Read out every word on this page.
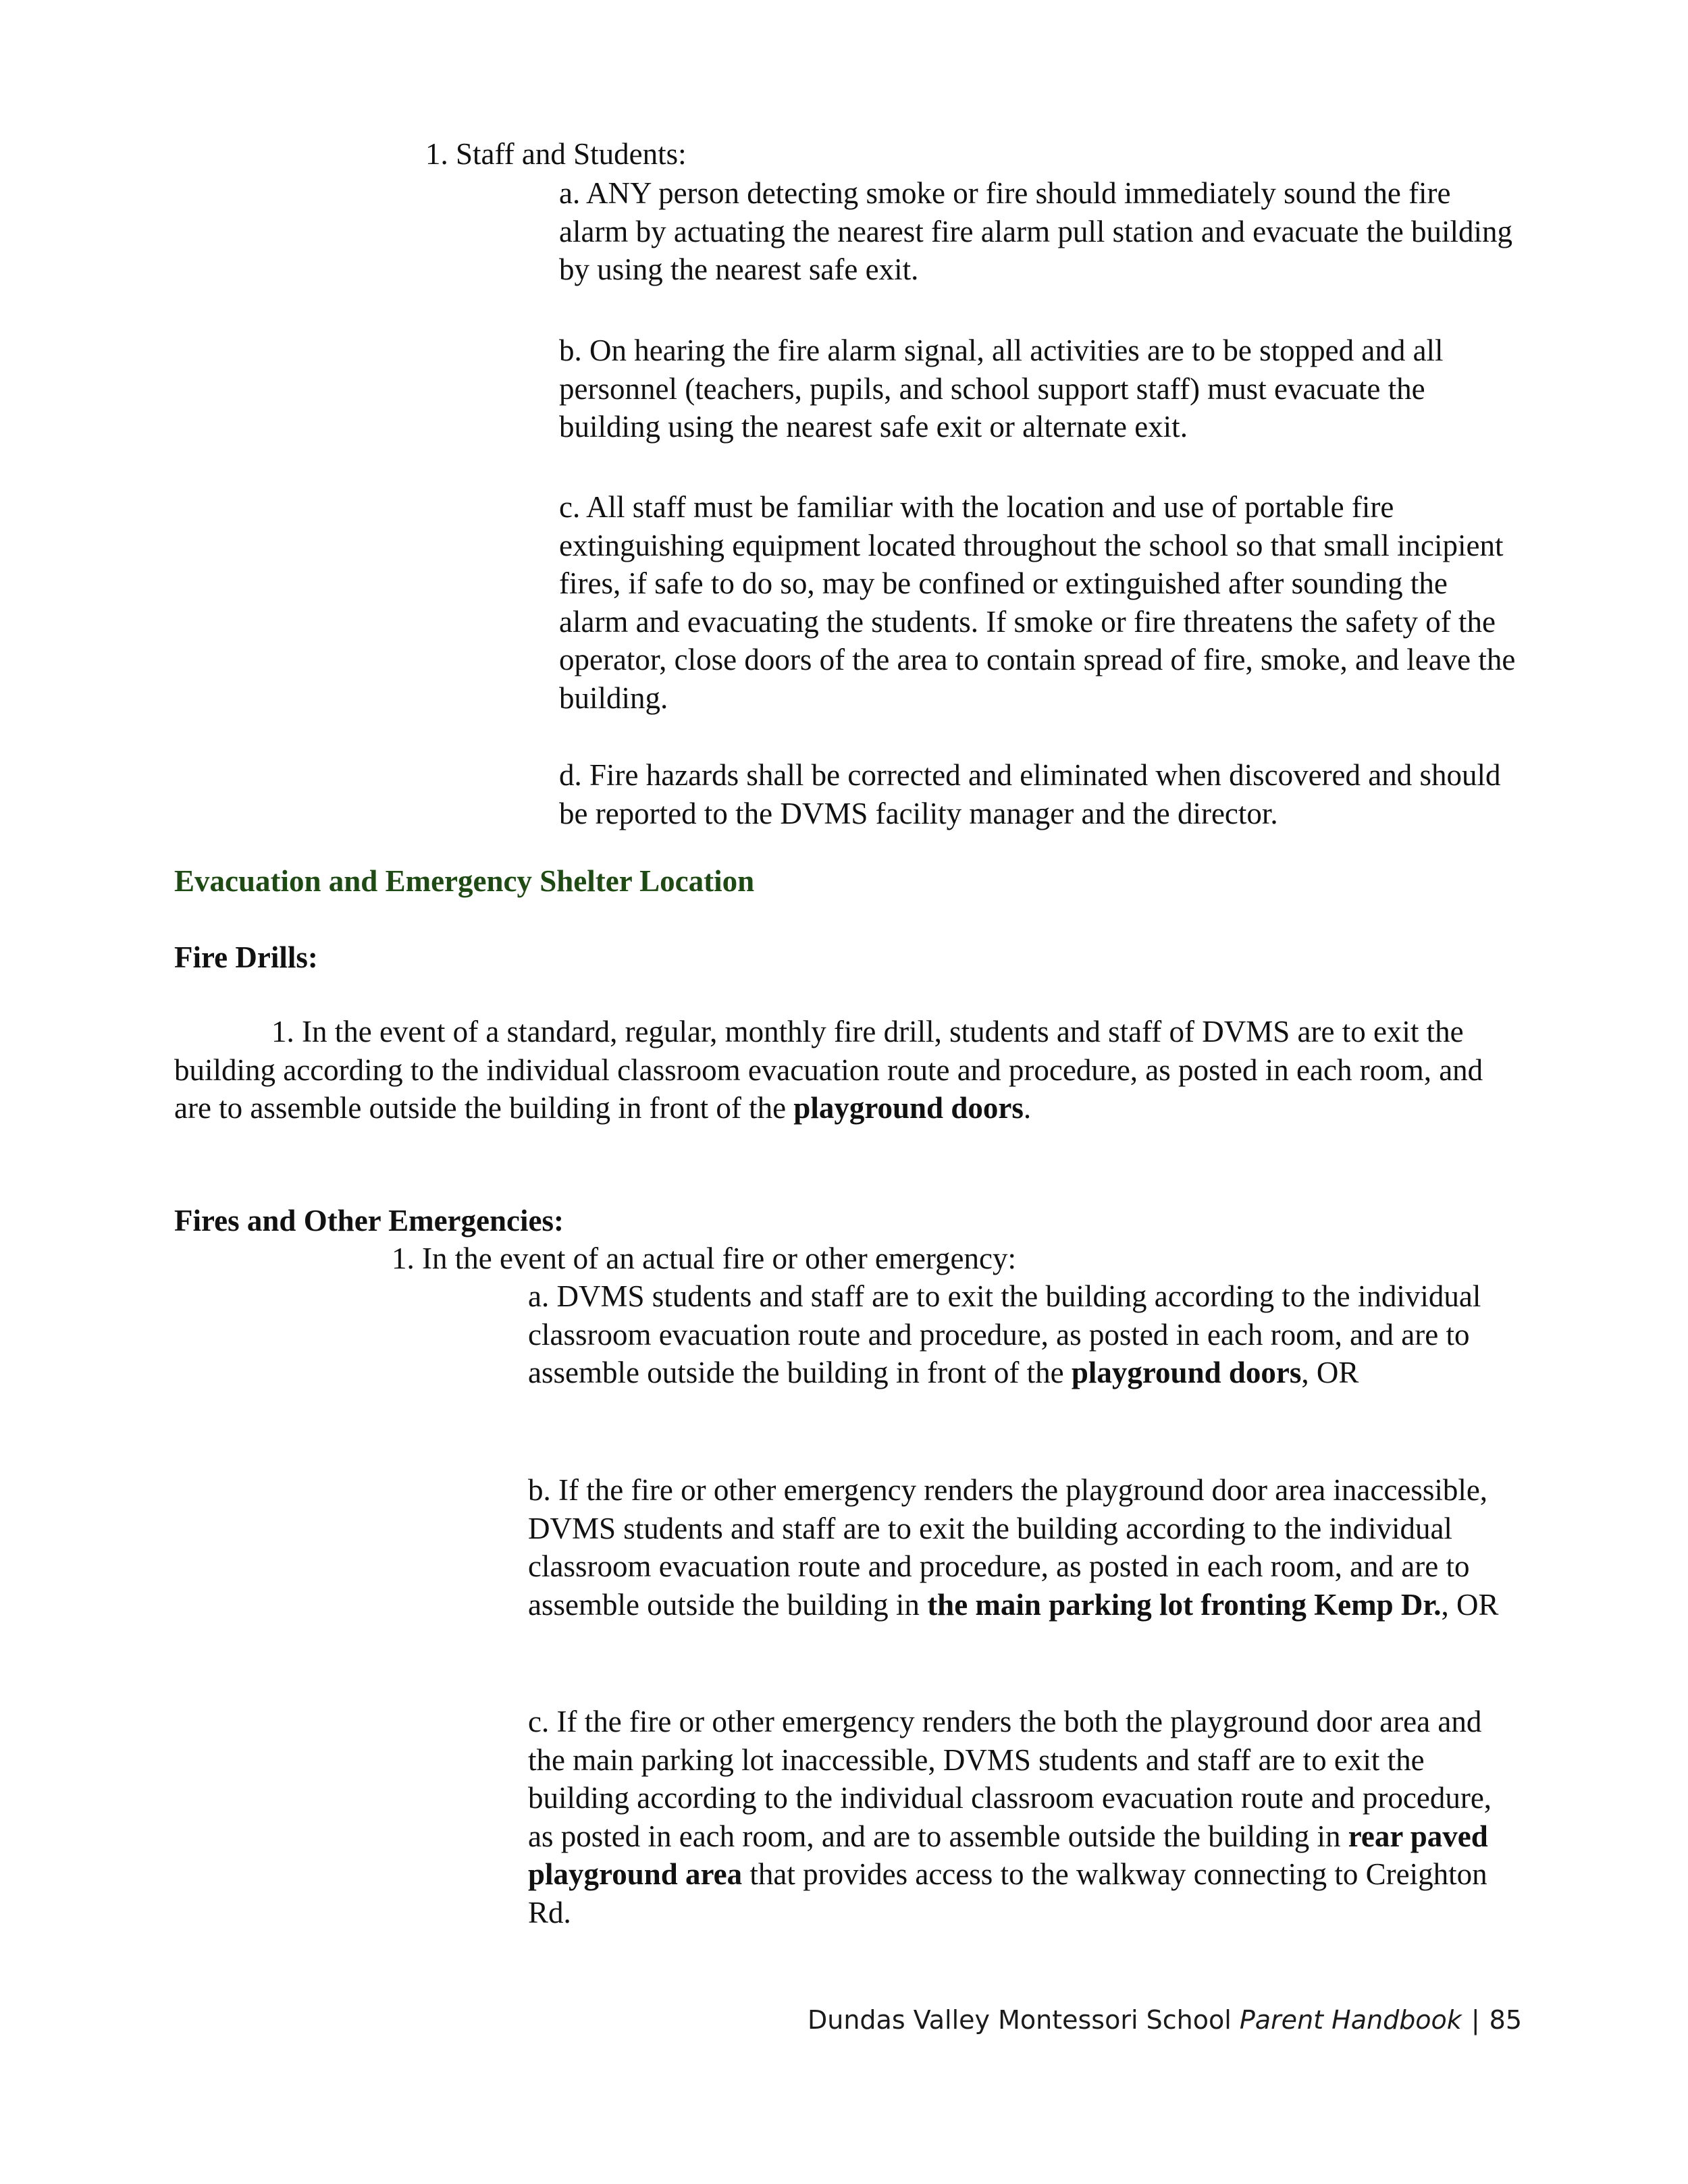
1. Staff and Students:

a. ANY person detecting smoke or fire should immediately sound the fire alarm by actuating the nearest fire alarm pull station and evacuate the building by using the nearest safe exit.

b. On hearing the fire alarm signal, all activities are to be stopped and all personnel (teachers, pupils, and school support staff) must evacuate the building using the nearest safe exit or alternate exit.

c. All staff must be familiar with the location and use of portable fire extinguishing equipment located throughout the school so that small incipient fires, if safe to do so, may be confined or extinguished after sounding the alarm and evacuating the students. If smoke or fire threatens the safety of the operator, close doors of the area to contain spread of fire, smoke, and leave the building.

d. Fire hazards shall be corrected and eliminated when discovered and should be reported to the DVMS facility manager and the director.

Evacuation and Emergency Shelter Location
Fire Drills:

1. In the event of a standard, regular, monthly fire drill, students and staff of DVMS are to exit the building according to the individual classroom evacuation route and procedure, as posted in each room, and are to assemble outside the building in front of the playground doors.

Fires and Other Emergencies:

1. In the event of an actual fire or other emergency:

a. DVMS students and staff are to exit the building according to the individual classroom evacuation route and procedure, as posted in each room, and are to assemble outside the building in front of the playground doors, OR

b. If the fire or other emergency renders the playground door area inaccessible, DVMS students and staff are to exit the building according to the individual classroom evacuation route and procedure, as posted in each room, and are to assemble outside the building in the main parking lot fronting Kemp Dr., OR

c. If the fire or other emergency renders the both the playground door area and the main parking lot inaccessible, DVMS students and staff are to exit the building according to the individual classroom evacuation route and procedure, as posted in each room, and are to assemble outside the building in rear paved playground area that provides access to the walkway connecting to Creighton Rd.

Dundas Valley Montessori School Parent Handbook | 85
